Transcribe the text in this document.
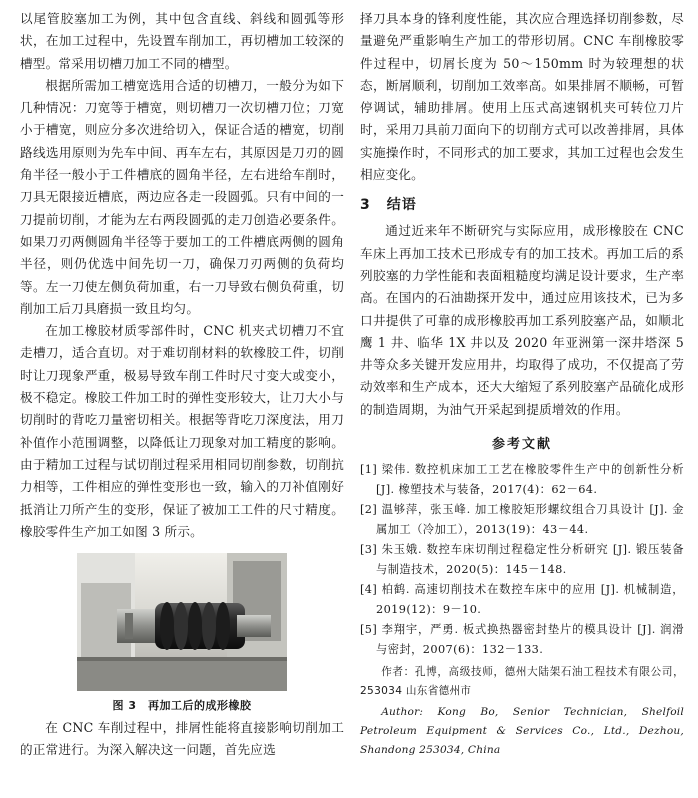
以尾管胶塞加工为例，其中包含直线、斜线和圆弧等形状，在加工过程中，先设置车削加工，再切槽加工较深的槽型。常采用切槽刀加工不同的槽型。

根据所需加工槽宽选用合适的切槽刀，一般分为如下几种情况：刀宽等于槽宽，则切槽刀一次切槽刀位；刀宽小于槽宽，则应分多次进给切入，保证合适的槽宽，切削路线选用原则为先车中间、再车左右，其原因是刀刃的圆角半径一般小于工件槽底的圆角半径，左右进给车削时，刀具无限接近槽底，两边应各走一段圆弧。只有中间的一刀提前切削，才能为左右两段圆弧的走刀创造必要条件。如果刀刃两侧圆角半径等于要加工的工件槽底两侧的圆角半径，则仍优选中间先切一刀，确保刀刃两侧的负荷均等。左一刀使左侧负荷加重，右一刀导致右侧负荷重，切削加工后刀具磨损一致且均匀。

在加工橡胶材质零部件时，CNC 机夹式切槽刀不宜走槽刀，适合直切。对于难切削材料的软橡胶工件，切削时让刀现象严重，极易导致车削工件时尺寸变大或变小，极不稳定。橡胶工件加工时的弹性变形较大，让刀大小与切削时的背吃刀量密切相关。根据等背吃刀深度法，用刀补值作小范围调整，以降低让刀现象对加工精度的影响。由于精加工过程与试切削过程采用相同切削参数，切削抗力相等，工件相应的弹性变形也一致，输入的刀补值刚好抵消让刀所产生的变形，保证了被加工工件的尺寸精度。橡胶零件生产加工如图 3 所示。

图 3　再加工后的成形橡胶

在 CNC 车削过程中，排屑性能将直接影响切削加工的正常进行。为深入解决这一问题，首先应选

择刀具本身的锋利度性能，其次应合理选择切削参数，尽量避免严重影响生产加工的带形切屑。CNC 车削橡胶零件过程中，切屑长度为 50～150mm 时为较理想的状态，断屑顺利，切削加工效率高。如果排屑不顺畅，可暂停调试，辅助排屑。使用上压式高速钢机夹可转位刀片时，采用刀具前刀面向下的切削方式可以改善排屑，具体实施操作时，不同形式的加工要求，其加工过程也会发生相应变化。

3 结语

通过近来年不断研究与实际应用，成形橡胶在 CNC 车床上再加工技术已形成专有的加工技术。再加工后的系列胶塞的力学性能和表面粗糙度均满足设计要求，生产率高。在国内的石油勘探开发中，通过应用该技术，已为多口井提供了可靠的成形橡胶再加工系列胶塞产品，如顺北鹰 1 井、临华 1X 井以及 2020 年亚洲第一深井塔深 5 井等众多关键开发应用井，均取得了成功，不仅提高了劳动效率和生产成本，还大大缩短了系列胶塞产品硫化成形的制造周期，为油气开采起到提质增效的作用。

参考文献
[1] 梁伟. 数控机床加工工艺在橡胶零件生产中的创新性分析 [J]. 橡塑技术与装备，2017(4)：62－64.
[2] 温够萍，张玉峰. 加工橡胶矩形螺纹组合刀具设计 [J]. 金属加工（冷加工），2013(19)：43－44.
[3] 朱玉娥. 数控车床切削过程稳定性分析研究 [J]. 锻压装备与制造技术，2020(5)：145－148.
[4] 柏鹤. 高速切削技术在数控车床中的应用 [J]. 机械制造，2019(12)：9－10.
[5] 李翔宇，严勇. 板式换热器密封垫片的模具设计 [J]. 润滑与密封，2007(6)：132－133.

作者：孔博，高级技师，德州大陆架石油工程技术有限公司，253034 山东省德州市

Author: Kong Bo, Senior Technician, Shelfoil Petroleum Equipment & Services Co., Ltd., Dezhou, Shandong 253034, China
